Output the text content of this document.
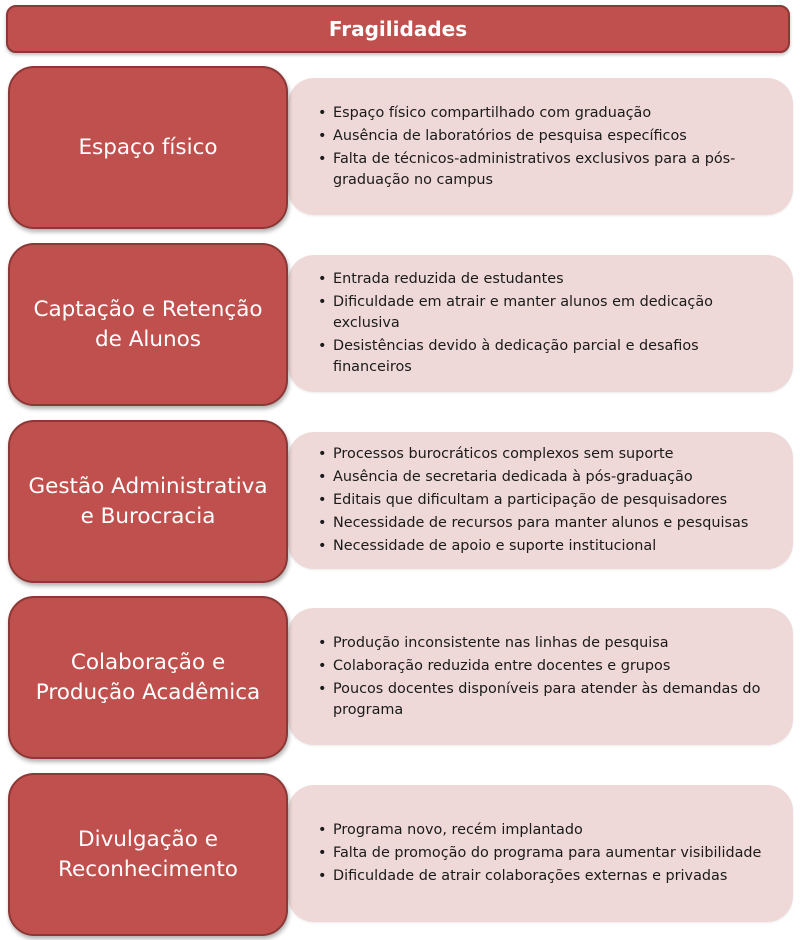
Fragilidades
• Espaço físico compartilhado com graduação
• Ausência de laboratórios de pesquisa específicos
• Falta de técnicos-administrativos exclusivos para a pós-graduação no campus
Espaço físico
• Entrada reduzida de estudantes
• Dificuldade em atrair e manter alunos em dedicação exclusiva
• Desistências devido à dedicação parcial e desafios financeiros
Captação e Retenção de Alunos
• Processos burocráticos complexos sem suporte
• Ausência de secretaria dedicada à pós-graduação
• Editais que dificultam a participação de pesquisadores
• Necessidade de recursos para manter alunos e pesquisas
• Necessidade de apoio e suporte institucional
Gestão Administrativa e Burocracia
• Produção inconsistente nas linhas de pesquisa
• Colaboração reduzida entre docentes e grupos
• Poucos docentes disponíveis para atender às demandas do programa
Colaboração e Produção Acadêmica
• Programa novo, recém implantado
• Falta de promoção do programa para aumentar visibilidade
• Dificuldade de atrair colaborações externas e privadas
Divulgação e Reconhecimento
